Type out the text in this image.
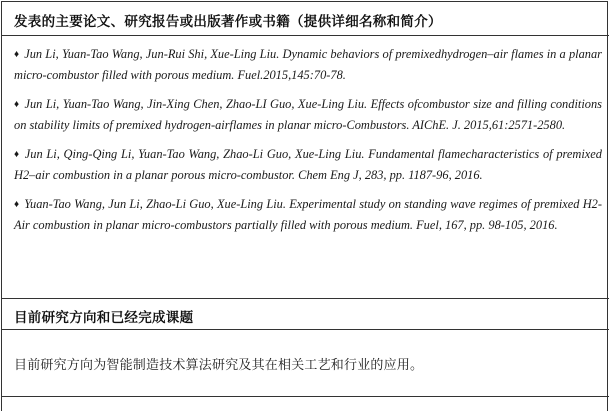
发表的主要论文、研究报告或出版著作或书籍（提供详细名称和简介）
♦ Jun Li, Yuan-Tao Wang, Jun-Rui Shi, Xue-Ling Liu. Dynamic behaviors of premixedhydrogen–air flames in a planar micro-combustor filled with porous medium. Fuel.2015,145:70-78.
♦ Jun Li, Yuan-Tao Wang, Jin-Xing Chen, Zhao-LI Guo, Xue-Ling Liu. Effects ofcombustor size and filling conditions on stability limits of premixed hydrogen-airflames in planar micro-Combustors. AIChE. J. 2015,61:2571-2580.
♦ Jun Li, Qing-Qing Li, Yuan-Tao Wang, Zhao-Li Guo, Xue-Ling Liu. Fundamental flamecharacteristics of premixed H2–air combustion in a planar porous micro-combustor. Chem Eng J, 283, pp. 1187-96, 2016.
♦ Yuan-Tao Wang, Jun Li, Zhao-Li Guo, Xue-Ling Liu. Experimental study on standing wave regimes of premixed H2-Air combustion in planar micro-combustors partially filled with porous medium. Fuel, 167, pp. 98-105, 2016.
目前研究方向和已经完成课题
目前研究方向为智能制造技术算法研究及其在相关工艺和行业的应用。
